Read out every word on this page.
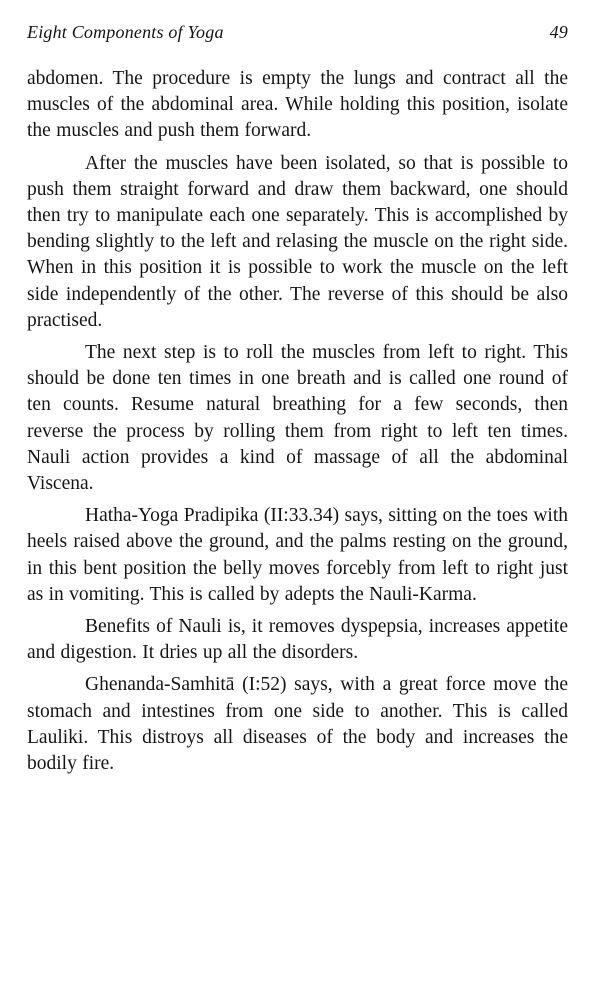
Eight Components of Yoga	49

abdomen. The procedure is empty the lungs and contract all the muscles of the abdominal area. While holding this position, isolate the muscles and push them forward.

After the muscles have been isolated, so that is possible to push them straight forward and draw them backward, one should then try to manipulate each one separately. This is accomplished by bending slightly to the left and relasing the muscle on the right side. When in this position it is possible to work the muscle on the left side independently of the other. The reverse of this should be also practised.

The next step is to roll the muscles from left to right. This should be done ten times in one breath and is called one round of ten counts. Resume natural breathing for a few seconds, then reverse the process by rolling them from right to left ten times. Nauli action provides a kind of massage of all the abdominal Viscena.

Hatha-Yoga Pradipika (II:33.34) says, sitting on the toes with heels raised above the ground, and the palms resting on the ground, in this bent position the belly moves forcebly from left to right just as in vomiting. This is called by adepts the Nauli-Karma.

Benefits of Nauli is, it removes dyspepsia, increases appetite and digestion. It dries up all the disorders.

Ghenanda-Samhitā (I:52) says, with a great force move the stomach and intestines from one side to another. This is called Lauliki. This distroys all diseases of the body and increases the bodily fire.
